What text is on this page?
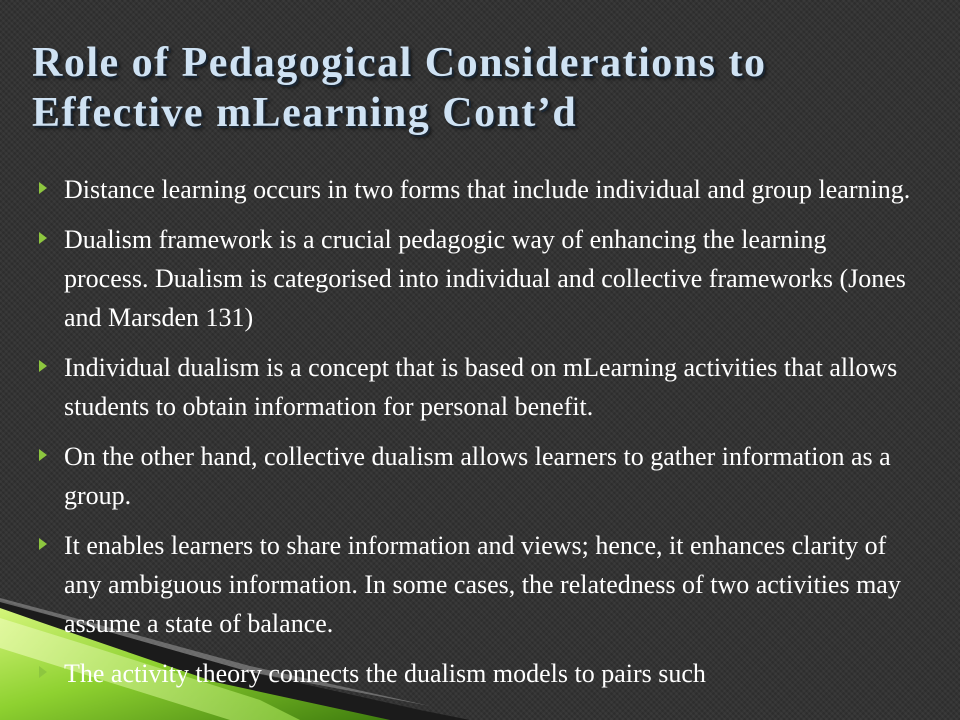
Role of Pedagogical Considerations to
Effective mLearning Cont’d
Distance learning occurs in two forms that include individual and group learning.
Dualism framework is a crucial pedagogic way of enhancing the learning process. Dualism is categorised into individual and collective frameworks (Jones and Marsden 131)
Individual dualism is a concept that is based on mLearning activities that allows students to obtain information for personal benefit.
On the other hand, collective dualism allows learners to gather information as a group.
It enables learners to share information and views; hence, it enhances clarity of any ambiguous information. In some cases, the relatedness of two activities may assume a state of balance.
The activity theory connects the dualism models to pairs such
